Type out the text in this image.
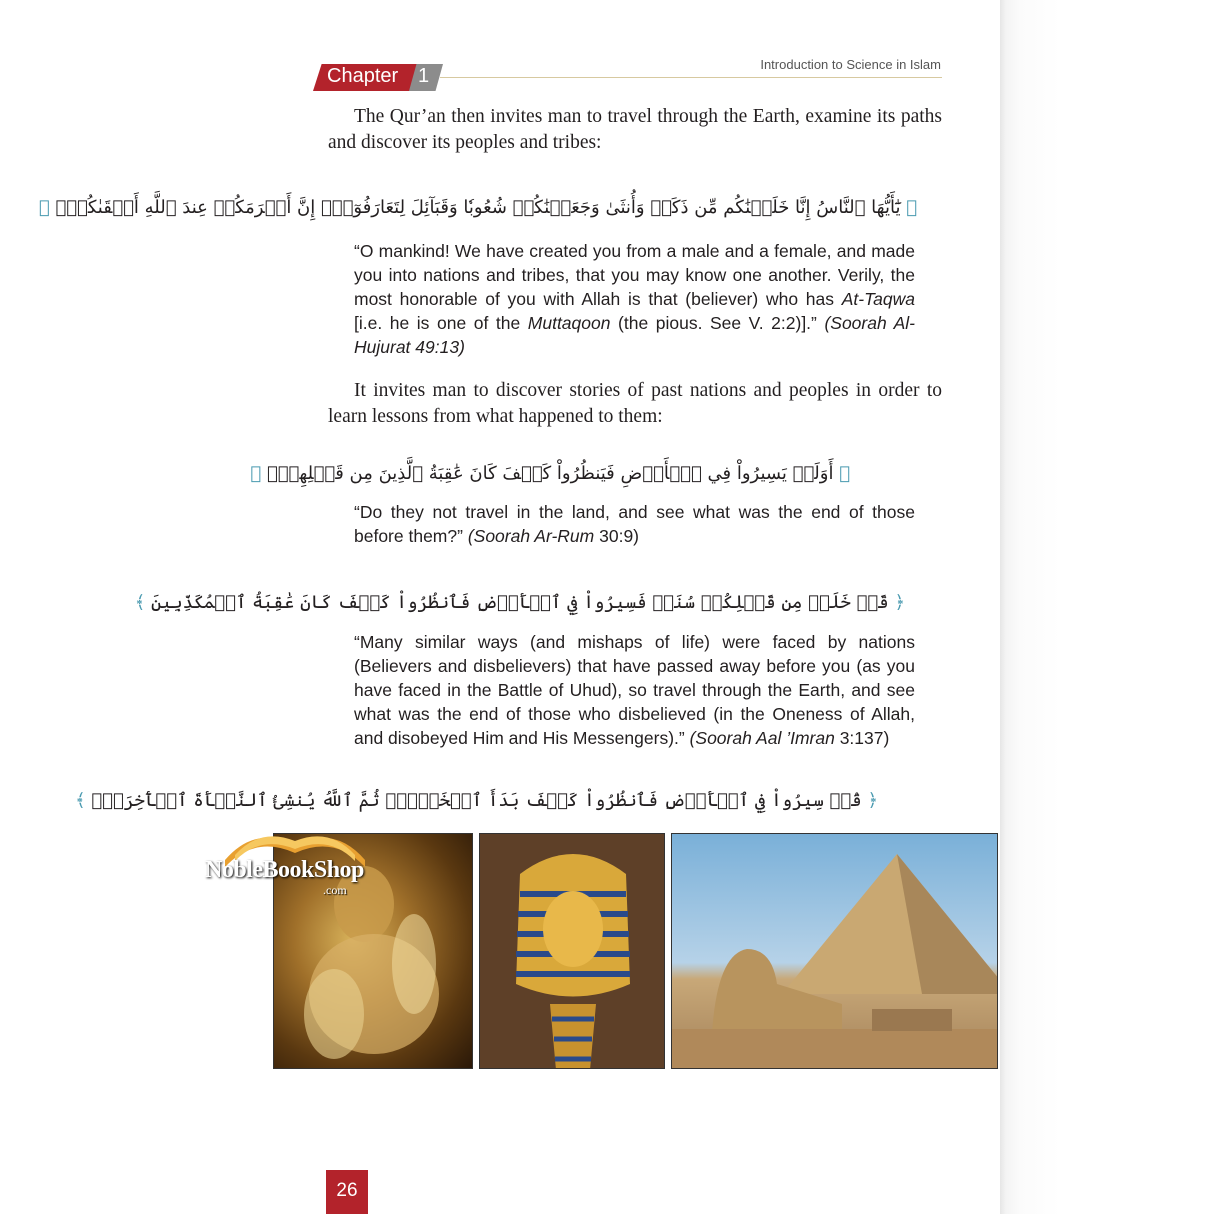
Chapter 1
Introduction to Science in Islam

The Qur’an then invites man to travel through the Earth, examine its paths and discover its peoples and tribes:

﴿ يَٰٓأَيُّهَا ٱلنَّاسُ إِنَّا خَلَقۡنَٰكُم مِّن ذَكَرٖ وَأُنثَىٰ وَجَعَلۡنَٰكُمۡ شُعُوبٗا وَقَبَآئِلَ لِتَعَارَفُوٓاْۚ إِنَّ أَكۡرَمَكُمۡ عِندَ ٱللَّهِ أَتۡقَىٰكُمۡۚ ﴾

“O mankind! We have created you from a male and a female, and made you into nations and tribes, that you may know one another. Verily, the most honorable of you with Allah is that (believer) who has At-Taqwa [i.e. he is one of the Muttaqoon (the pious. See V. 2:2)].” (Soorah Al-Hujurat 49:13)

It invites man to discover stories of past nations and peoples in order to learn lessons from what happened to them:

﴿ أَوَلَمۡ يَسِيرُواْ فِي ٱلۡأَرۡضِ فَيَنظُرُواْ كَيۡفَ كَانَ عَٰقِبَةُ ٱلَّذِينَ مِن قَبۡلِهِمۡۚ ﴾

“Do they not travel in the land, and see what was the end of those before them?” (Soorah Ar-Rum 30:9)

﴿ قَدۡ خَلَتۡ مِن قَبۡلِكُمۡ سُنَنٞ فَسِيرُواْ فِي ٱلۡأَرۡضِ فَٱنظُرُواْ كَيۡفَ كَانَ عَٰقِبَةُ ٱلۡمُكَذِّبِينَ ﴾

“Many similar ways (and mishaps of life) were faced by nations (Believers and disbelievers) that have passed away before you (as you have faced in the Battle of Uhud), so travel through the Earth, and see what was the end of those who disbelieved (in the Oneness of Allah, and disobeyed Him and His Messengers).” (Soorah Aal ’Imran 3:137)

﴿ قُلۡ سِيرُواْ فِي ٱلۡأَرۡضِ فَٱنظُرُواْ كَيۡفَ بَدَأَ ٱلۡخَلۡقَۚ ثُمَّ ٱللَّهُ يُنشِئُ ٱلنَّشۡأَةَ ٱلۡأٓخِرَةَۚ ﴾
NobleBookShop
.com
26
